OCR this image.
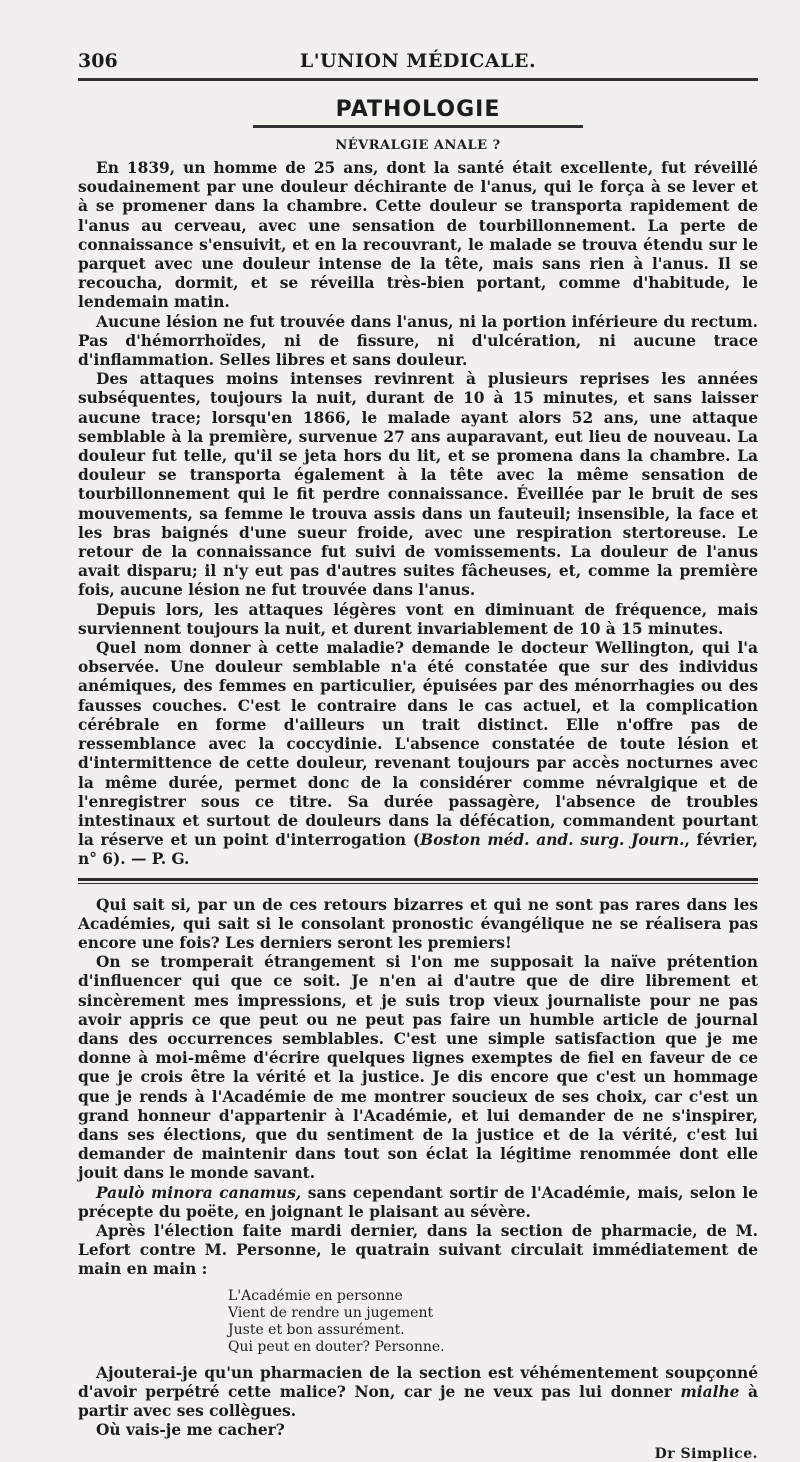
306	L'UNION MÉDICALE.
PATHOLOGIE
NÉVRALGIE ANALE ?

En 1839, un homme de 25 ans, dont la santé était excellente, fut réveillé soudainement par une douleur déchirante de l'anus, qui le força à se lever et à se promener dans la chambre. Cette douleur se transporta rapidement de l'anus au cerveau, avec une sensation de tourbillonnement. La perte de connaissance s'ensuivit, et en la recouvrant, le malade se trouva étendu sur le parquet avec une douleur intense de la tête, mais sans rien à l'anus. Il se recoucha, dormit, et se réveilla très-bien portant, comme d'habitude, le lendemain matin.

Aucune lésion ne fut trouvée dans l'anus, ni la portion inférieure du rectum. Pas d'hémorrhoïdes, ni de fissure, ni d'ulcération, ni aucune trace d'inflammation. Selles libres et sans douleur.

Des attaques moins intenses revinrent à plusieurs reprises les années subséquentes, toujours la nuit, durant de 10 à 15 minutes, et sans laisser aucune trace; lorsqu'en 1866, le malade ayant alors 52 ans, une attaque semblable à la première, survenue 27 ans auparavant, eut lieu de nouveau. La douleur fut telle, qu'il se jeta hors du lit, et se promena dans la chambre. La douleur se transporta également à la tête avec la même sensation de tourbillonnement qui le fit perdre connaissance. Éveillée par le bruit de ses mouvements, sa femme le trouva assis dans un fauteuil; insensible, la face et les bras baignés d'une sueur froide, avec une respiration stertoreuse. Le retour de la connaissance fut suivi de vomissements. La douleur de l'anus avait disparu; il n'y eut pas d'autres suites fâcheuses, et, comme la première fois, aucune lésion ne fut trouvée dans l'anus.

Depuis lors, les attaques légères vont en diminuant de fréquence, mais surviennent toujours la nuit, et durent invariablement de 10 à 15 minutes.

Quel nom donner à cette maladie? demande le docteur Wellington, qui l'a observée. Une douleur semblable n'a été constatée que sur des individus anémiques, des femmes en particulier, épuisées par des ménorrhagies ou des fausses couches. C'est le contraire dans le cas actuel, et la complication cérébrale en forme d'ailleurs un trait distinct. Elle n'offre pas de ressemblance avec la coccydinie. L'absence constatée de toute lésion et d'intermittence de cette douleur, revenant toujours par accès nocturnes avec la même durée, permet donc de la considérer comme névralgique et de l'enregistrer sous ce titre. Sa durée passagère, l'absence de troubles intestinaux et surtout de douleurs dans la défécation, commandent pourtant la réserve et un point d'interrogation (Boston méd. and. surg. Journ., février, n° 6). — P. G.

Qui sait si, par un de ces retours bizarres et qui ne sont pas rares dans les Académies, qui sait si le consolant pronostic évangélique ne se réalisera pas encore une fois? Les derniers seront les premiers!

On se tromperait étrangement si l'on me supposait la naïve prétention d'influencer qui que ce soit. Je n'en ai d'autre que de dire librement et sincèrement mes impressions, et je suis trop vieux journaliste pour ne pas avoir appris ce que peut ou ne peut pas faire un humble article de journal dans des occurrences semblables. C'est une simple satisfaction que je me donne à moi-même d'écrire quelques lignes exemptes de fiel en faveur de ce que je crois être la vérité et la justice. Je dis encore que c'est un hommage que je rends à l'Académie de me montrer soucieux de ses choix, car c'est un grand honneur d'appartenir à l'Académie, et lui demander de ne s'inspirer, dans ses élections, que du sentiment de la justice et de la vérité, c'est lui demander de maintenir dans tout son éclat la légitime renommée dont elle jouit dans le monde savant.

Paulò minora canamus, sans cependant sortir de l'Académie, mais, selon le précepte du poëte, en joignant le plaisant au sévère.

Après l'élection faite mardi dernier, dans la section de pharmacie, de M. Lefort contre M. Personne, le quatrain suivant circulait immédiatement de main en main :

L'Académie en personne
Vient de rendre un jugement
Juste et bon assurément.
Qui peut en douter? Personne.

Ajouterai-je qu'un pharmacien de la section est véhémentement soupçonné d'avoir perpétré cette malice? Non, car je ne veux pas lui donner mialhe à partir avec ses collègues.

Où vais-je me cacher?

Dr Simplice.
